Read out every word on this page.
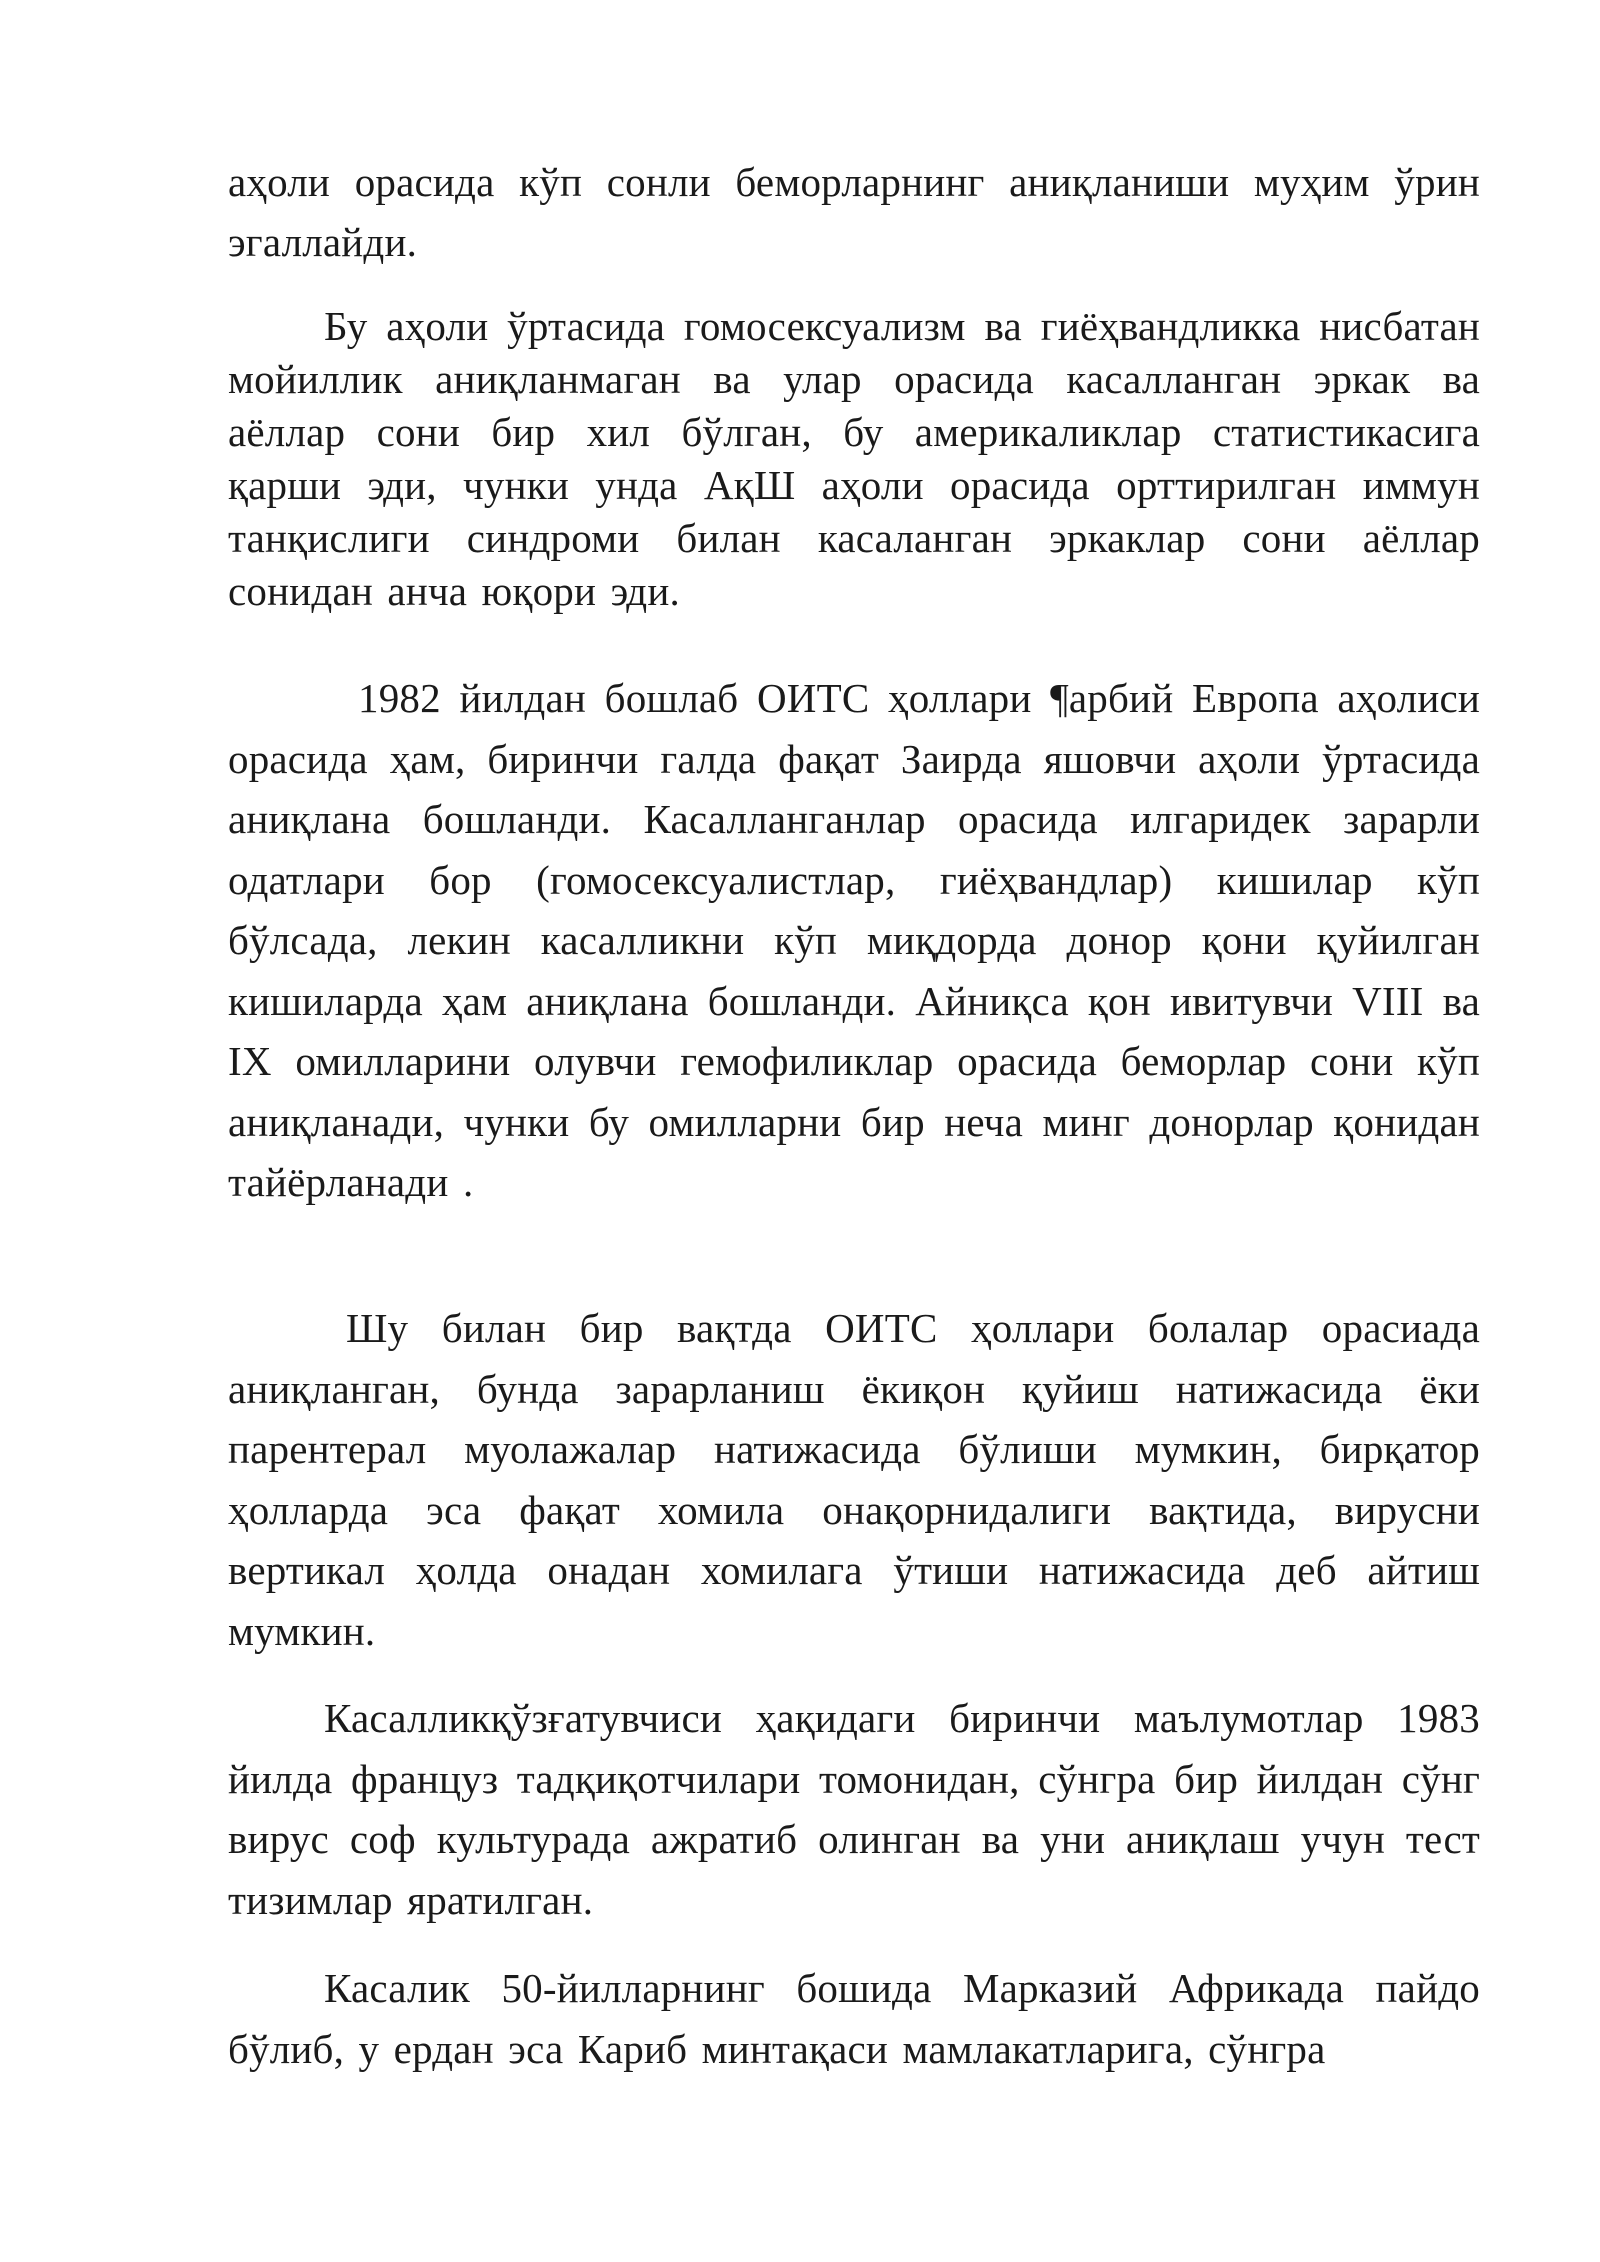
аҳоли орасида кўп сонли беморларнинг аниқланиши муҳим ўрин эгаллайди.

Бу аҳоли ўртасида гомосексуализм ва гиёҳвандликка нисбатан мойиллик аниқланмаган ва улар орасида касалланган эркак ва аёллар сони бир хил бўлган, бу америкаликлар статистикасига қарши эди, чунки унда АқШ аҳоли орасида орттирилган иммун танқислиги синдроми билан касаланган эркаклар сони аёллар сонидан анча юқори эди.

1982 йилдан бошлаб ОИТС ҳоллари ¶арбий Европа аҳолиси орасида ҳам, биринчи галда фақат Заирда яшовчи аҳоли ўртасида аниқлана бошланди. Касалланганлар орасида илгаридек зарарли одатлари бор (гомосексуалистлар, гиёҳвандлар) кишилар кўп бўлсада, лекин касалликни кўп миқдорда донор қони қуйилган кишиларда ҳам аниқлана бошланди. Айниқса қон ивитувчи VIII ва IX омилларини олувчи гемофиликлар орасида беморлар сони кўп аниқланади, чунки бу омилларни бир неча минг донорлар қонидан тайёрланади .

Шу билан бир вақтда ОИТС ҳоллари болалар орасиада аниқланган, бунда зарарланиш ёкиқон қуйиш натижасида ёки парентерал муолажалар натижасида бўлиши мумкин, бирқатор ҳолларда эса фақат хомила онақорнидалиги вақтида, вирусни вертикал ҳолда онадан хомилага ўтиши натижасида деб айтиш мумкин.

Касалликқўзғатувчиси ҳақидаги биринчи маълумотлар 1983 йилда француз тадқиқотчилари томонидан, сўнгра бир йилдан сўнг вирус соф культурада ажратиб олинган ва уни аниқлаш учун тест тизимлар яратилган.

Касалик 50-йилларнинг бошида Марказий Африкада пайдо бўлиб, у ердан эса Кариб минтақаси мамлакатларига, сўнгра
